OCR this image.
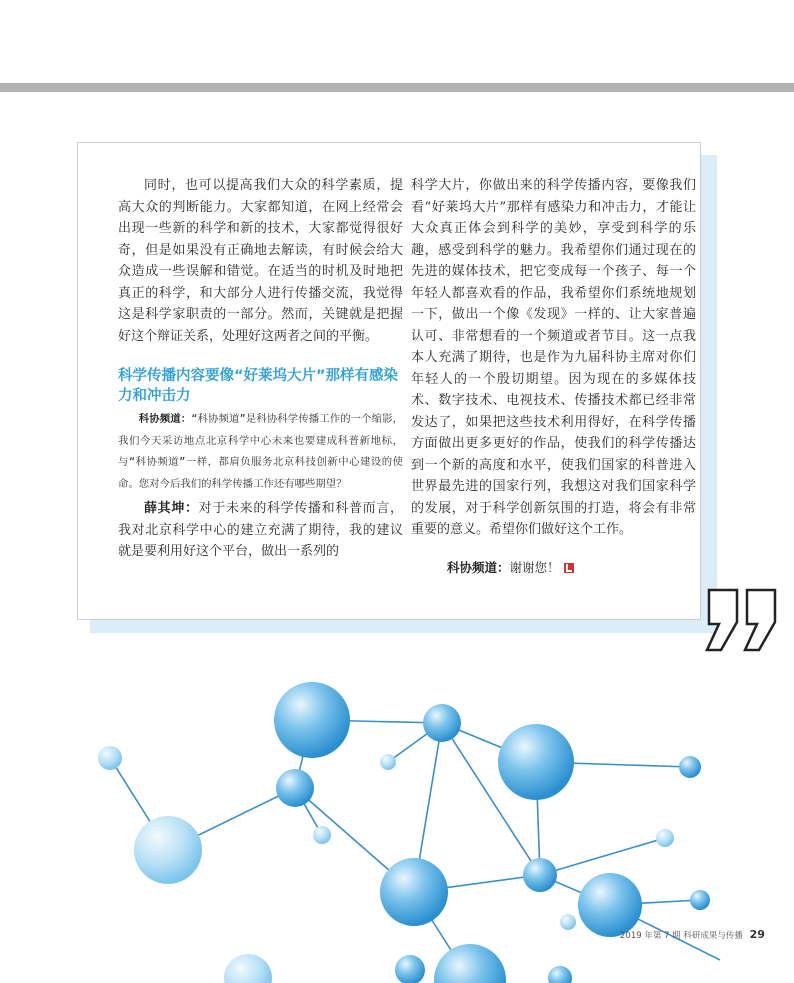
同时，也可以提高我们大众的科学素质，提高大众的判断能力。大家都知道，在网上经常会出现一些新的科学和新的技术，大家都觉得很好奇，但是如果没有正确地去解读，有时候会给大众造成一些误解和错觉。在适当的时机及时地把真正的科学，和大部分人进行传播交流，我觉得这是科学家职责的一部分。然而，关键就是把握好这个辩证关系，处理好这两者之间的平衡。

科学传播内容要像“好莱坞大片”那样有感染力和冲击力

科协频道：“科协频道”是科协科学传播工作的一个缩影，我们今天采访地点北京科学中心未来也要建成科普新地标，与“科协频道”一样，都肩负服务北京科技创新中心建设的使命。您对今后我们的科学传播工作还有哪些期望？

薛其坤：对于未来的科学传播和科普而言，我对北京科学中心的建立充满了期待，我的建议就是要利用好这个平台，做出一系列的

科学大片，你做出来的科学传播内容，要像我们看“好莱坞大片”那样有感染力和冲击力，才能让大众真正体会到科学的美妙，享受到科学的乐趣，感受到科学的魅力。我希望你们通过现在的先进的媒体技术，把它变成每一个孩子、每一个年轻人都喜欢看的作品，我希望你们系统地规划一下，做出一个像《发现》一样的、让大家普遍认可、非常想看的一个频道或者节目。这一点我本人充满了期待，也是作为九届科协主席对你们年轻人的一个殷切期望。因为现在的多媒体技术、数字技术、电视技术、传播技术都已经非常发达了，如果把这些技术利用得好，在科学传播方面做出更多更好的作品，使我们的科学传播达到一个新的高度和水平，使我们国家的科普进入世界最先进的国家行列，我想这对我们国家科学的发展，对于科学创新氛围的打造，将会有非常重要的意义。希望你们做好这个工作。

科协频道：谢谢您！

2019 年第 7 期 科研成果与传播 29
